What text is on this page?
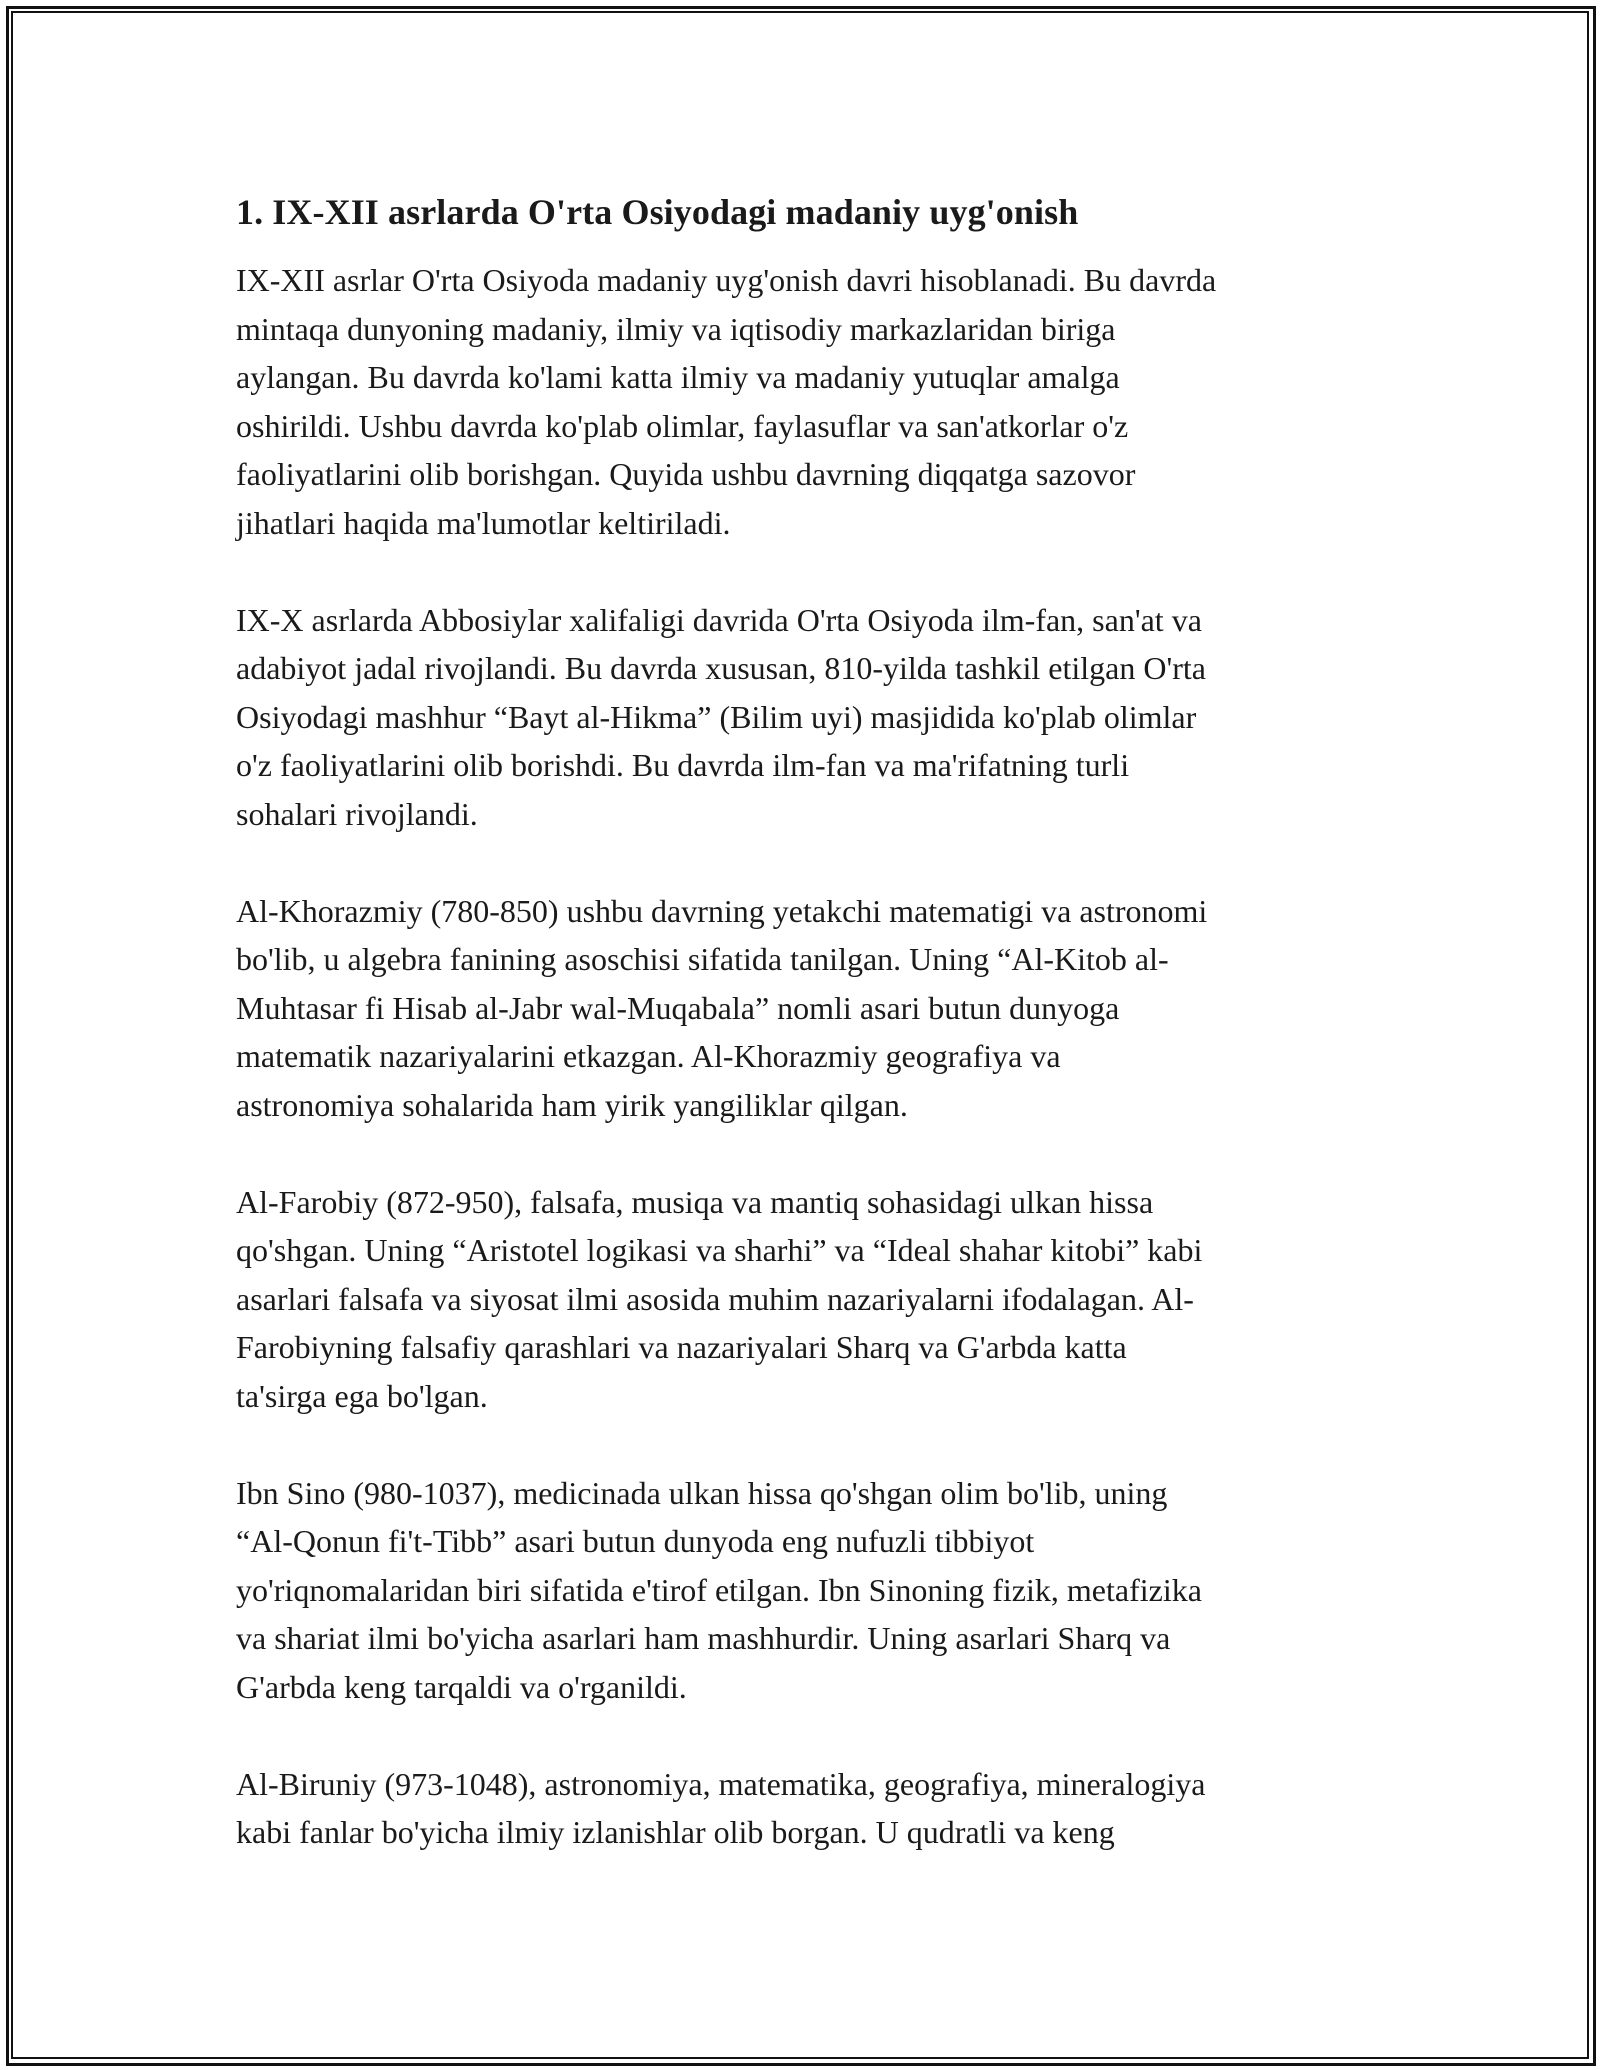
1. IX-XII asrlarda O'rta Osiyodagi madaniy uyg'onish

IX-XII asrlar O'rta Osiyoda madaniy uyg'onish davri hisoblanadi. Bu davrda
mintaqa dunyoning madaniy, ilmiy va iqtisodiy markazlaridan biriga
aylangan. Bu davrda ko'lami katta ilmiy va madaniy yutuqlar amalga
oshirildi. Ushbu davrda ko'plab olimlar, faylasuflar va san'atkorlar o'z
faoliyatlarini olib borishgan. Quyida ushbu davrning diqqatga sazovor
jihatlari haqida ma'lumotlar keltiriladi.

IX-X asrlarda Abbosiylar xalifaligi davrida O'rta Osiyoda ilm-fan, san'at va
adabiyot jadal rivojlandi. Bu davrda xususan, 810-yilda tashkil etilgan O'rta
Osiyodagi mashhur “Bayt al-Hikma” (Bilim uyi) masjidida ko'plab olimlar
o'z faoliyatlarini olib borishdi. Bu davrda ilm-fan va ma'rifatning turli
sohalari rivojlandi.

Al-Khorazmiy (780-850) ushbu davrning yetakchi matematigi va astronomi
bo'lib, u algebra fanining asoschisi sifatida tanilgan. Uning “Al-Kitob al-
Muhtasar fi Hisab al-Jabr wal-Muqabala” nomli asari butun dunyoga
matematik nazariyalarini etkazgan. Al-Khorazmiy geografiya va
astronomiya sohalarida ham yirik yangiliklar qilgan.

Al-Farobiy (872-950), falsafa, musiqa va mantiq sohasidagi ulkan hissa
qo'shgan. Uning “Aristotel logikasi va sharhi” va “Ideal shahar kitobi” kabi
asarlari falsafa va siyosat ilmi asosida muhim nazariyalarni ifodalagan. Al-
Farobiyning falsafiy qarashlari va nazariyalari Sharq va G'arbda katta
ta'sirga ega bo'lgan.

Ibn Sino (980-1037), medicinada ulkan hissa qo'shgan olim bo'lib, uning
“Al-Qonun fi't-Tibb” asari butun dunyoda eng nufuzli tibbiyot
yo'riqnomalaridan biri sifatida e'tirof etilgan. Ibn Sinoning fizik, metafizika
va shariat ilmi bo'yicha asarlari ham mashhurdir. Uning asarlari Sharq va
G'arbda keng tarqaldi va o'rganildi.

Al-Biruniy (973-1048), astronomiya, matematika, geografiya, mineralogiya
kabi fanlar bo'yicha ilmiy izlanishlar olib borgan. U qudratli va keng
